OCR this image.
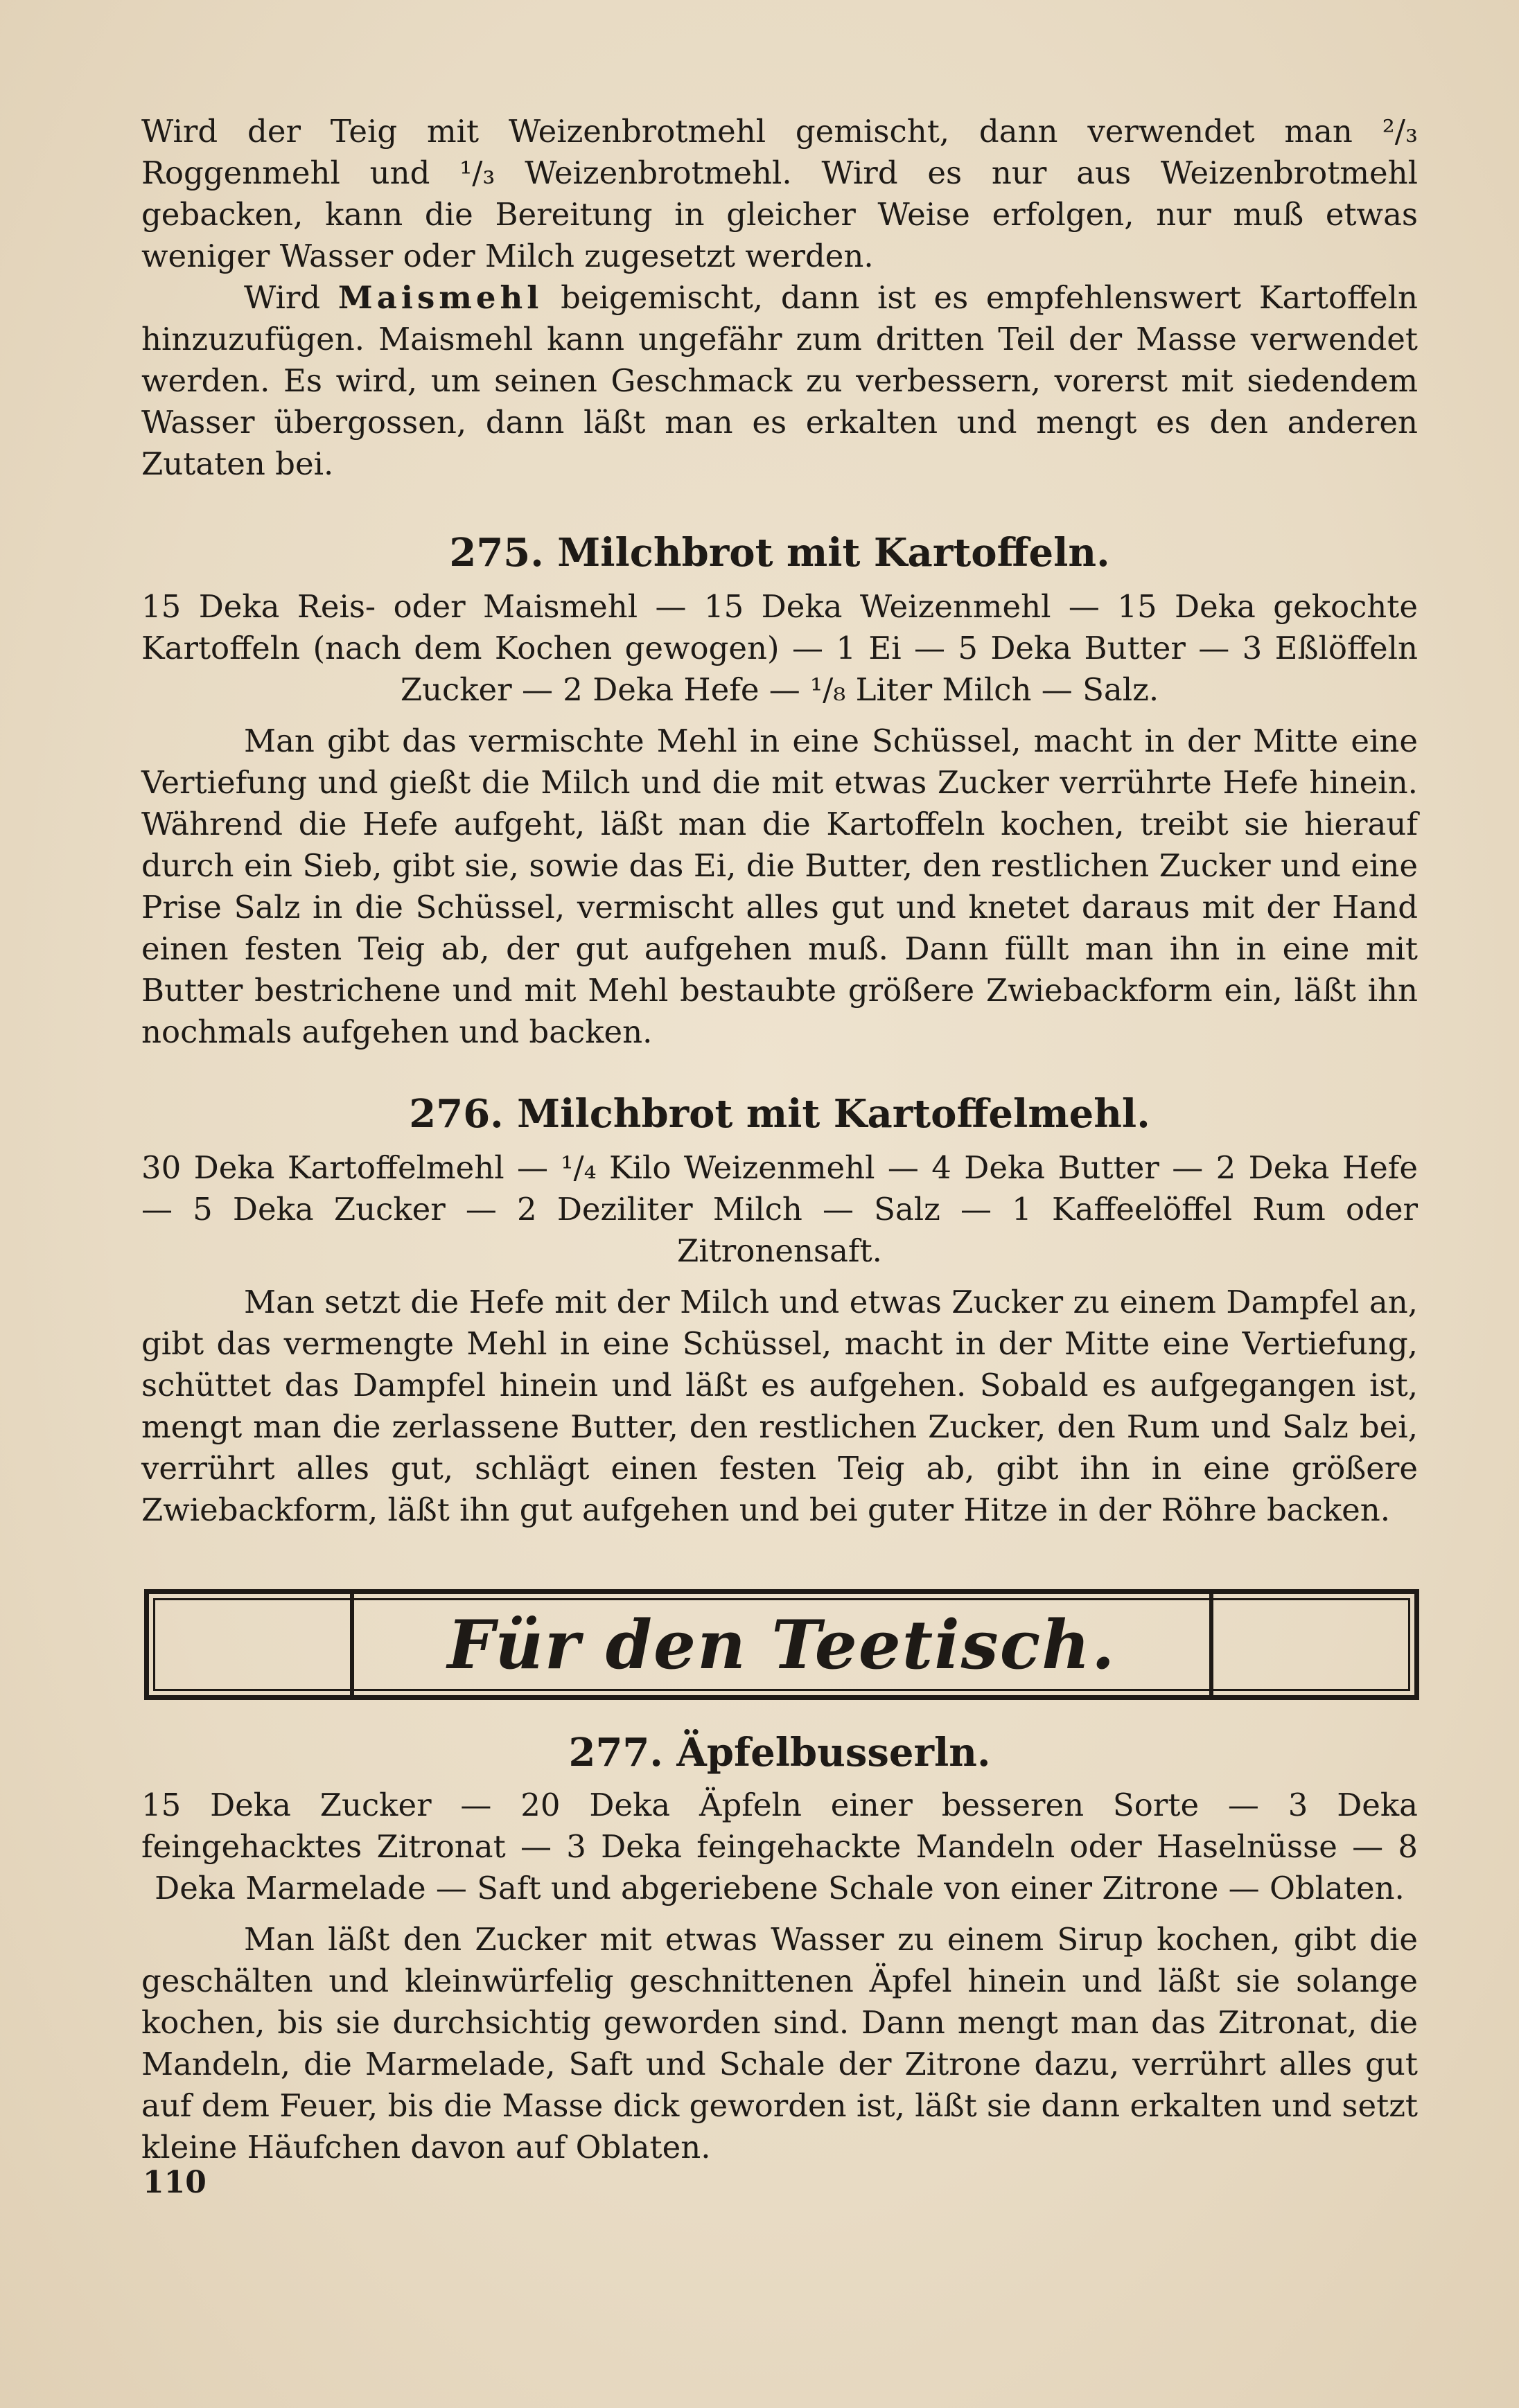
Wird der Teig mit Weizenbrotmehl gemischt, dann verwendet man ²/₃ Roggenmehl und ¹/₃ Weizenbrotmehl. Wird es nur aus Weizenbrotmehl gebacken, kann die Bereitung in gleicher Weise erfolgen, nur muß etwas weniger Wasser oder Milch zugesetzt werden.

Wird Maismehl beigemischt, dann ist es empfehlenswert Kartoffeln hinzuzufügen. Maismehl kann ungefähr zum dritten Teil der Masse verwendet werden. Es wird, um seinen Geschmack zu verbessern, vorerst mit siedendem Wasser übergossen, dann läßt man es erkalten und mengt es den anderen Zutaten bei.

275. Milchbrot mit Kartoffeln.

15 Deka Reis- oder Maismehl — 15 Deka Weizenmehl — 15 Deka gekochte Kartoffeln (nach dem Kochen gewogen) — 1 Ei — 5 Deka Butter — 3 Eßlöffeln Zucker — 2 Deka Hefe — ¹/₈ Liter Milch — Salz.

Man gibt das vermischte Mehl in eine Schüssel, macht in der Mitte eine Vertiefung und gießt die Milch und die mit etwas Zucker verrührte Hefe hinein. Während die Hefe aufgeht, läßt man die Kartoffeln kochen, treibt sie hierauf durch ein Sieb, gibt sie, sowie das Ei, die Butter, den restlichen Zucker und eine Prise Salz in die Schüssel, vermischt alles gut und knetet daraus mit der Hand einen festen Teig ab, der gut aufgehen muß. Dann füllt man ihn in eine mit Butter bestrichene und mit Mehl bestaubte größere Zwiebackform ein, läßt ihn nochmals aufgehen und backen.

276. Milchbrot mit Kartoffelmehl.

30 Deka Kartoffelmehl — ¹/₄ Kilo Weizenmehl — 4 Deka Butter — 2 Deka Hefe — 5 Deka Zucker — 2 Deziliter Milch — Salz — 1 Kaffeelöffel Rum oder Zitronensaft.

Man setzt die Hefe mit der Milch und etwas Zucker zu einem Dampfel an, gibt das vermengte Mehl in eine Schüssel, macht in der Mitte eine Vertiefung, schüttet das Dampfel hinein und läßt es aufgehen. Sobald es aufgegangen ist, mengt man die zerlassene Butter, den restlichen Zucker, den Rum und Salz bei, verrührt alles gut, schlägt einen festen Teig ab, gibt ihn in eine größere Zwiebackform, läßt ihn gut aufgehen und bei guter Hitze in der Röhre backen.

Für den Teetisch.
277. Äpfelbusserln.

15 Deka Zucker — 20 Deka Äpfeln einer besseren Sorte — 3 Deka feingehacktes Zitronat — 3 Deka feingehackte Mandeln oder Haselnüsse — 8 Deka Marmelade — Saft und abgeriebene Schale von einer Zitrone — Oblaten.

Man läßt den Zucker mit etwas Wasser zu einem Sirup kochen, gibt die geschälten und kleinwürfelig geschnittenen Äpfel hinein und läßt sie solange kochen, bis sie durchsichtig geworden sind. Dann mengt man das Zitronat, die Mandeln, die Marmelade, Saft und Schale der Zitrone dazu, verrührt alles gut auf dem Feuer, bis die Masse dick geworden ist, läßt sie dann erkalten und setzt kleine Häufchen davon auf Oblaten.

110
